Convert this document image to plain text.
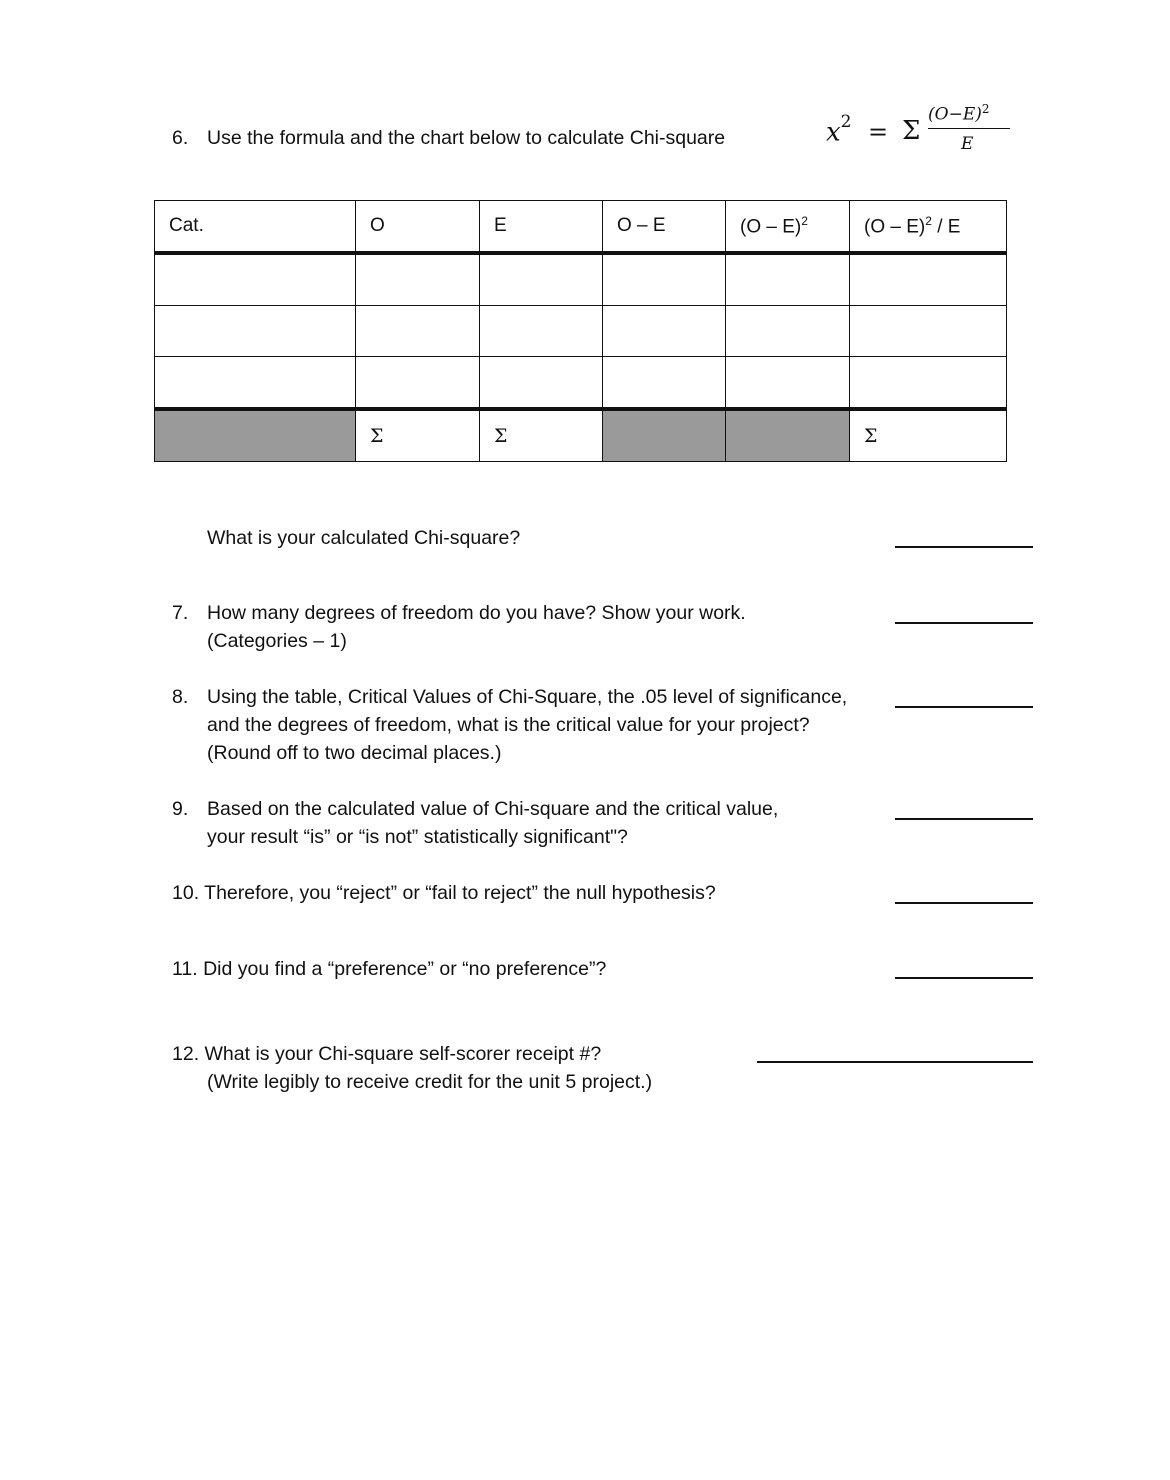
6. Use the formula and the chart below to calculate Chi-square	$x^2 = \Sigma$
$(O-E)^2$
E
Cat.	O	E	O – E	(O – E)$^2$	(O – E)$^2$ / E

	Σ	Σ			Σ
What is your calculated Chi-square?
7. How many degrees of freedom do you have? Show your work.
(Categories – 1)
8. Using the table, Critical Values of Chi-Square, the .05 level of significance,
and the degrees of freedom, what is the critical value for your project?
(Round off to two decimal places.)
9. Based on the calculated value of Chi-square and the critical value,
your result “is” or “is not” statistically significant"?
10. Therefore, you “reject” or “fail to reject” the null hypothesis?
11. Did you find a “preference” or “no preference”?
12. What is your Chi-square self-scorer receipt #?
(Write legibly to receive credit for the unit 5 project.)
